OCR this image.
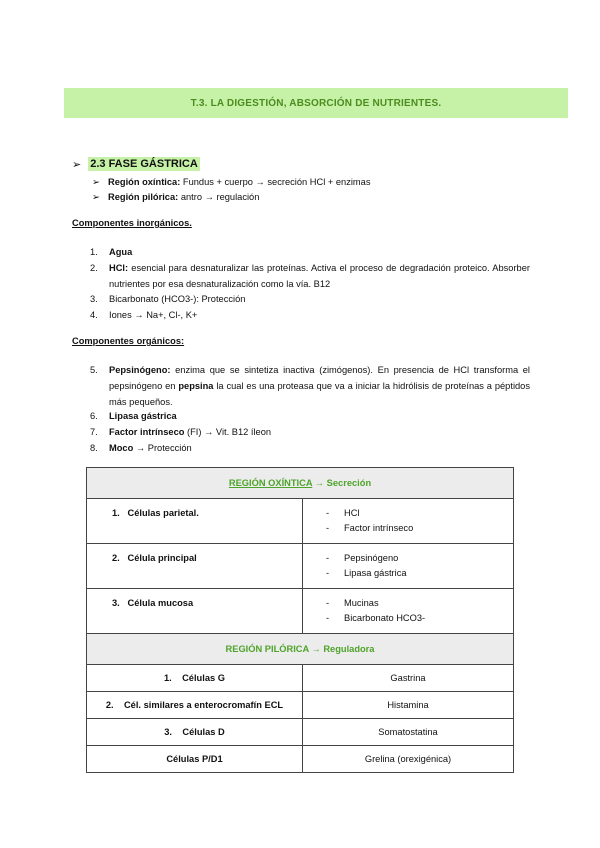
T.3. LA DIGESTIÓN, ABSORCIÓN DE NUTRIENTES.
➢ 2.3 FASE GÁSTRICA
➢ Región oxíntica: Fundus + cuerpo → secreción HCl + enzimas
➢ Región pilórica: antro → regulación
Componentes inorgánicos.
1. Agua
2. HCl: esencial para desnaturalizar las proteínas. Activa el proceso de degradación proteico. Absorber nutrientes por esa desnaturalización como la vía. B12
3. Bicarbonato (HCO3-): Protección
4. Iones → Na+, Cl-, K+
Componentes orgánicos:
5. Pepsinógeno: enzima que se sintetiza inactiva (zimógenos). En presencia de HCl transforma el pepsinógeno en pepsina la cual es una proteasa que va a iniciar la hidrólisis de proteínas a péptidos más pequeños.
6. Lipasa gástrica
7. Factor intrínseco (FI) → Vit. B12 íleon
8. Moco → Protección
REGIÓN OXÍNTICA → Secreción	

1. Células parietal.	- HCl
- Factor intrínseco

2. Célula principal	- Pepsinógeno
- Lipasa gástrica

3. Célula mucosa	- Mucinas
- Bicarbonato HCO3-

REGIÓN PILÓRICA → Reguladora	
1.    Células G	Gastrina
2.    Cél. similares a enterocromafín ECL	Histamina
3.    Células D	Somatostatina
Células P/D1	Grelina (orexigénica)
